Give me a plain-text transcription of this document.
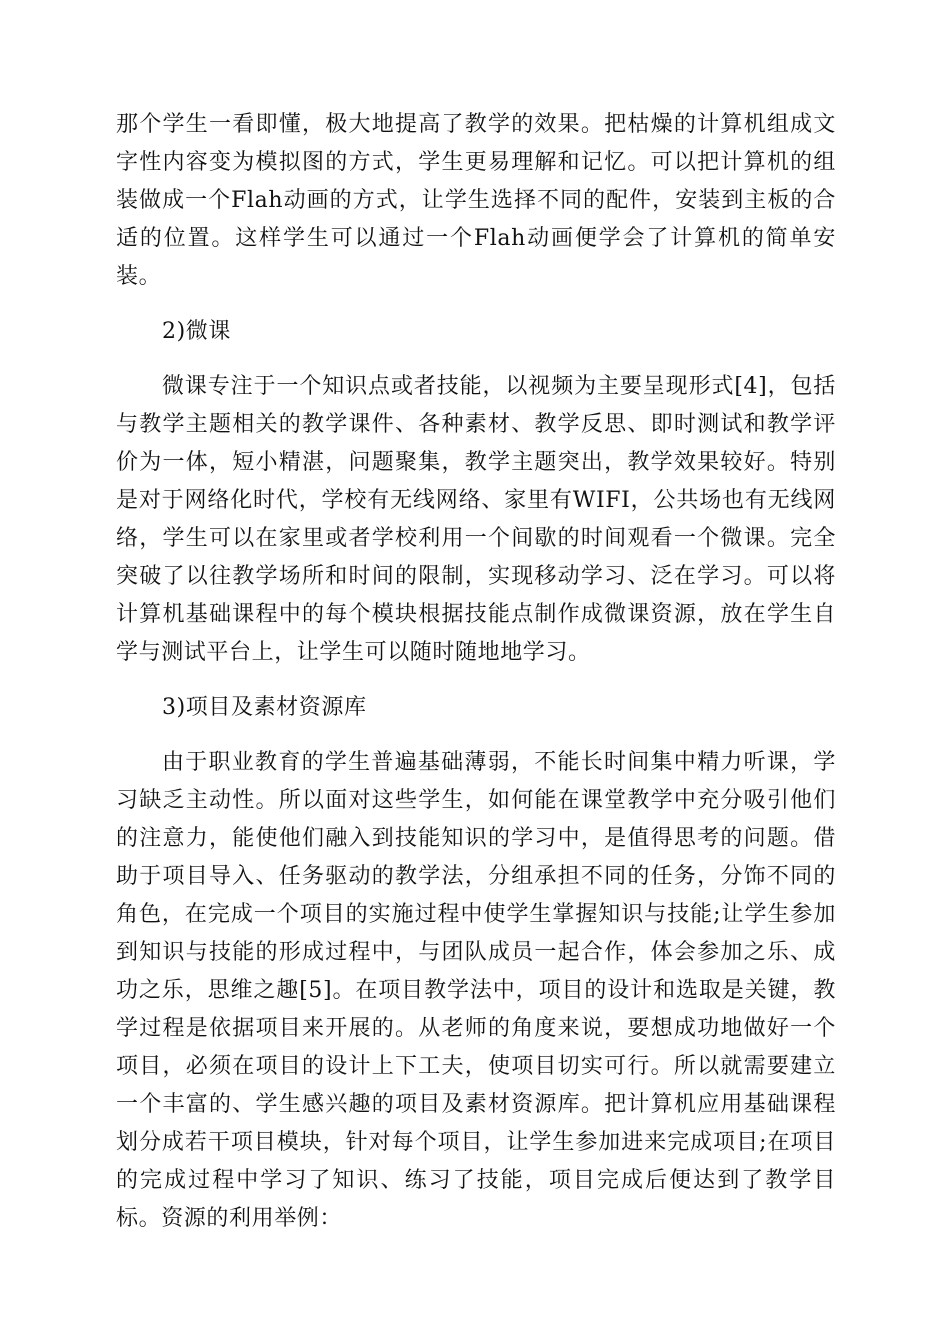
那个学生一看即懂，极大地提高了教学的效果。把枯燥的计算机组成文字性内容变为模拟图的方式，学生更易理解和记忆。可以把计算机的组装做成一个Flah动画的方式，让学生选择不同的配件，安装到主板的合适的位置。这样学生可以通过一个Flah动画便学会了计算机的简单安装。

2)微课

微课专注于一个知识点或者技能，以视频为主要呈现形式[4]，包括与教学主题相关的教学课件、各种素材、教学反思、即时测试和教学评价为一体，短小精湛，问题聚集，教学主题突出，教学效果较好。特别是对于网络化时代，学校有无线网络、家里有WIFI，公共场也有无线网络，学生可以在家里或者学校利用一个间歇的时间观看一个微课。完全突破了以往教学场所和时间的限制，实现移动学习、泛在学习。可以将计算机基础课程中的每个模块根据技能点制作成微课资源，放在学生自学与测试平台上，让学生可以随时随地地学习。

3)项目及素材资源库

由于职业教育的学生普遍基础薄弱，不能长时间集中精力听课，学习缺乏主动性。所以面对这些学生，如何能在课堂教学中充分吸引他们的注意力，能使他们融入到技能知识的学习中，是值得思考的问题。借助于项目导入、任务驱动的教学法，分组承担不同的任务，分饰不同的角色，在完成一个项目的实施过程中使学生掌握知识与技能;让学生参加到知识与技能的形成过程中，与团队成员一起合作，体会参加之乐、成功之乐，思维之趣[5]。在项目教学法中，项目的设计和选取是关键，教学过程是依据项目来开展的。从老师的角度来说，要想成功地做好一个项目，必须在项目的设计上下工夫，使项目切实可行。所以就需要建立一个丰富的、学生感兴趣的项目及素材资源库。把计算机应用基础课程划分成若干项目模块，针对每个项目，让学生参加进来完成项目;在项目的完成过程中学习了知识、练习了技能，项目完成后便达到了教学目标。资源的利用举例：
